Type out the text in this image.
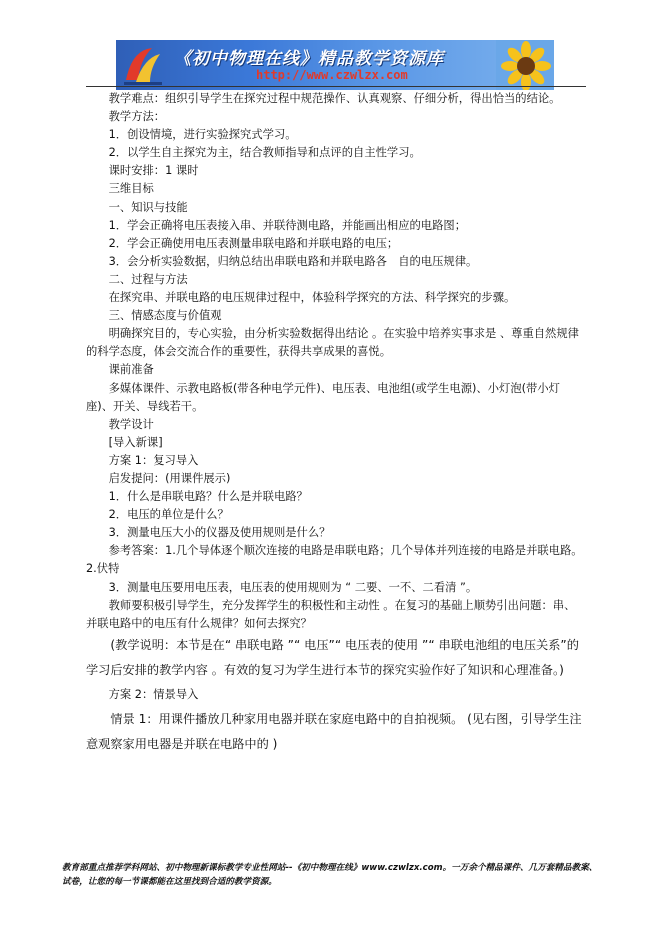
《初中物理在线》精品教学资源库
http://www.czwlzx.com

教学难点：组织引导学生在探究过程中规范操作、认真观察、仔细分析，得出恰当的结论。

教学方法：

1．创设情境，进行实验探究式学习。

2．以学生自主探究为主，结合教师指导和点评的自主性学习。

课时安排：1 课时

三维目标

一、知识与技能

1．学会正确将电压表接入串、并联待测电路，并能画出相应的电路图；

2．学会正确使用电压表测量串联电路和并联电路的电压；

3．会分析实验数据，归纳总结出串联电路和并联电路各　自的电压规律。

二、过程与方法

在探究串、并联电路的电压规律过程中，体验科学探究的方法、科学探究的步骤。

三、情感态度与价值观

明确探究目的，专心实验，由分析实验数据得出结论 。在实验中培养实事求是 、尊重自然规律的科学态度，体会交流合作的重要性，获得共享成果的喜悦。

课前准备

多媒体课件、示教电路板(带各种电学元件)、电压表、电池组(或学生电源)、小灯泡(带小灯座)、开关、导线若干。

教学设计

[导入新课]

方案 1：复习导入

启发提问：(用课件展示)

1．什么是串联电路？什么是并联电路？

2．电压的单位是什么？

3．测量电压大小的仪器及使用规则是什么？

参考答案：1.几个导体逐个顺次连接的电路是串联电路；几个导体并列连接的电路是并联电路。2.伏特

3．测量电压要用电压表，电压表的使用规则为 “ 二要、一不、二看清 ”。

教师要积极引导学生，充分发挥学生的积极性和主动性 。在复习的基础上顺势引出问题：串、并联电路中的电压有什么规律？如何去探究？

(教学说明：本节是在“ 串联电路 ”“ 电压”“ 电压表的使用 ”“ 串联电池组的电压关系”的学习后安排的教学内容 。有效的复习为学生进行本节的探究实验作好了知识和心理准备。)

方案 2：情景导入

情景 1：用课件播放几种家用电器并联在家庭电路中的自拍视频。 (见右图，引导学生注意观察家用电器是并联在电路中的 )

教育部重点推荐学科网站、初中物理新课标教学专业性网站--《初中物理在线》www.czwlzx.com。一万余个精品课件、几万套精品教案、试卷，让您的每一节课都能在这里找到合适的教学资源。
